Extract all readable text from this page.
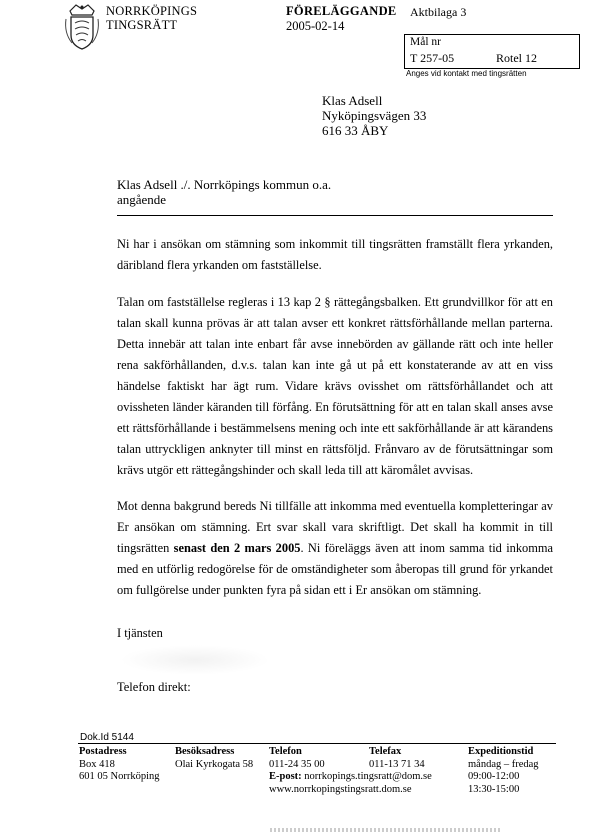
NORRKÖPINGS
TINGSRÄTT
FÖRELÄGGANDE
2005-02-14
Aktbilaga 3
Mål nr
T 257-05	Rotel 12
Anges vid kontakt med tingsrätten
Klas Adsell
Nyköpingsvägen 33
616 33 ÅBY
Klas Adsell ./. Norrköpings kommun o.a.
angående
Ni har i ansökan om stämning som inkommit till tingsrätten framställt flera yrkanden, däribland flera yrkanden om fastställelse.
Talan om fastställelse regleras i 13 kap 2 § rättegångsbalken. Ett grundvillkor för att en talan skall kunna prövas är att talan avser ett konkret rättsförhållande mellan parterna. Detta innebär att talan inte enbart får avse innebörden av gällande rätt och inte heller rena sakförhållanden, d.v.s. talan kan inte gå ut på ett konstaterande av att en viss händelse faktiskt har ägt rum. Vidare krävs ovisshet om rättsförhållandet och att ovissheten länder käranden till förfång. En förutsättning för att en talan skall anses avse ett rättsförhållande i bestämmelsens mening och inte ett sakförhållande är att kärandens talan uttryckligen anknyter till minst en rättsföljd. Frånvaro av de förutsättningar som krävs utgör ett rättegångshinder och skall leda till att käromålet avvisas.
Mot denna bakgrund bereds Ni tillfälle att inkomma med eventuella kompletteringar av Er ansökan om stämning. Ert svar skall vara skriftligt. Det skall ha kommit in till tingsrätten senast den 2 mars 2005. Ni föreläggs även att inom samma tid inkomma med en utförlig redogörelse för de omständigheter som åberopas till grund för yrkandet om fullgörelse under punkten fyra på sidan ett i Er ansökan om stämning.
I tjänsten
Telefon direkt:
Dok.Id 5144
Postadress
Box 418
601 05 Norrköping
Besöksadress
Olai Kyrkogata 58
Telefon
011-24 35 00
E-post: norrkopings.tingsratt@dom.se
www.norrkopingstingsratt.dom.se
Telefax
011-13 71 34
Expeditionstid
måndag – fredag
09:00-12:00
13:30-15:00
